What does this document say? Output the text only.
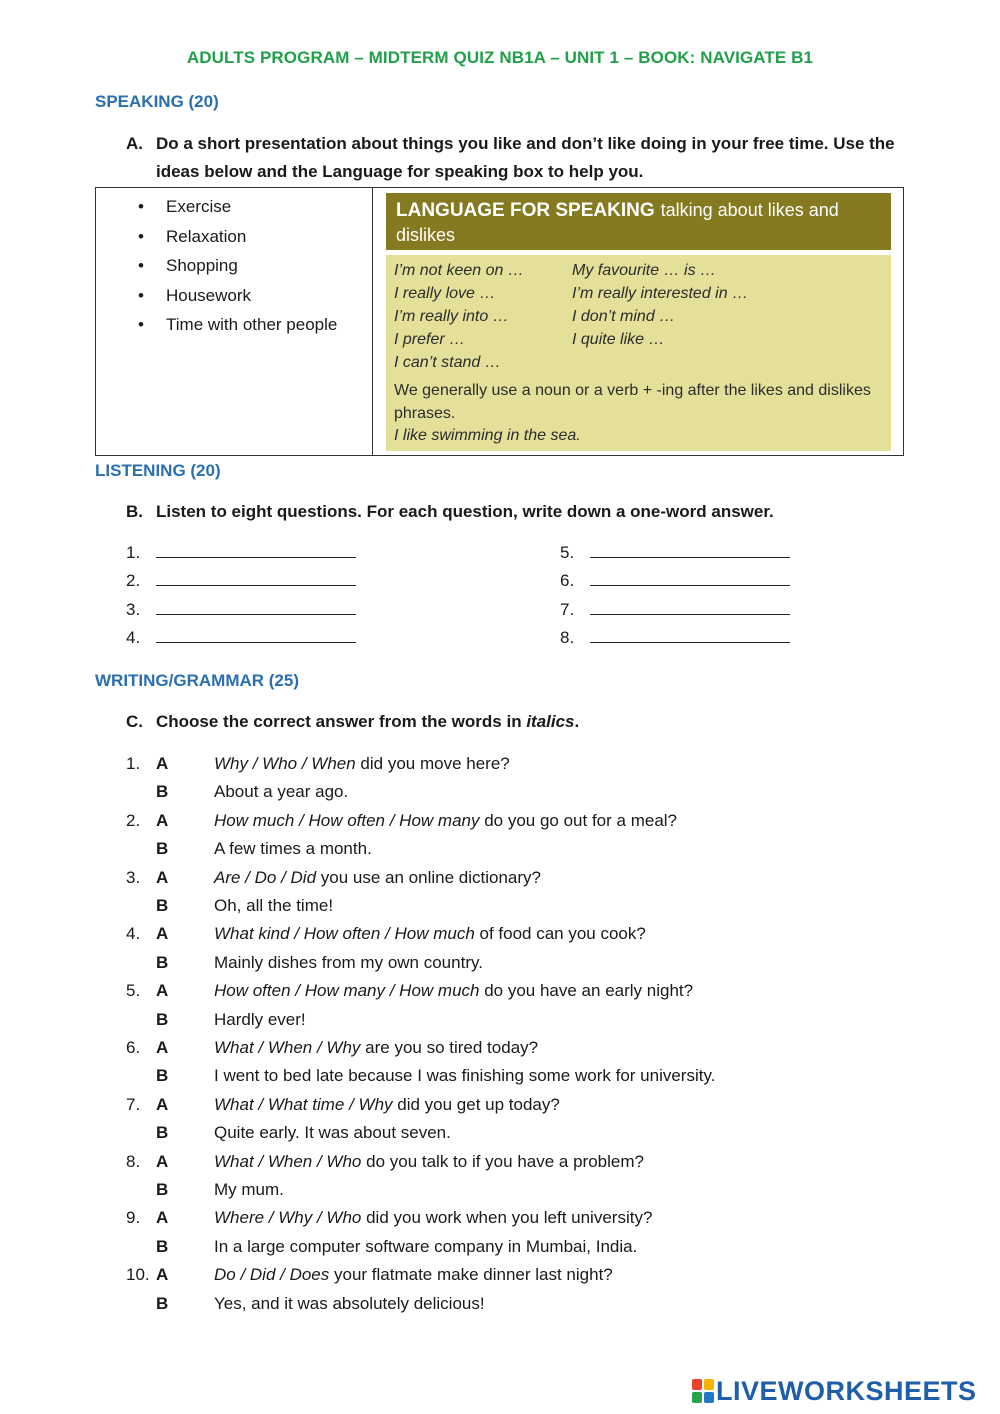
ADULTS PROGRAM – MIDTERM QUIZ NB1A – UNIT 1 – BOOK: NAVIGATE B1
SPEAKING (20)
A. Do a short presentation about things you like and don’t like doing in your free time. Use the ideas below and the Language for speaking box to help you.
• Exercise
• Relaxation
• Shopping
• Housework
• Time with other people
LANGUAGE FOR SPEAKING talking about likes and dislikes
I’m not keen on …	My favourite … is …
I really love …	I’m really interested in …
I’m really into …	I don’t mind …
I prefer …	I quite like …
I can’t stand …
We generally use a noun or a verb + -ing after the likes and dislikes phrases.
I like swimming in the sea.
LISTENING (20)
B. Listen to eight questions. For each question, write down a one-word answer.
1.
2.
3.
4.
5.
6.
7.
8.
WRITING/GRAMMAR (25)
C. Choose the correct answer from the words in italics.
1. A	Why / Who / When did you move here?
B	About a year ago.
2. A	How much / How often / How many do you go out for a meal?
B	A few times a month.
3. A	Are / Do / Did you use an online dictionary?
B	Oh, all the time!
4. A	What kind / How often / How much of food can you cook?
B	Mainly dishes from my own country.
5. A	How often / How many / How much do you have an early night?
B	Hardly ever!
6. A	What / When / Why are you so tired today?
B	I went to bed late because I was finishing some work for university.
7. A	What / What time / Why did you get up today?
B	Quite early. It was about seven.
8. A	What / When / Who do you talk to if you have a problem?
B	My mum.
9. A	Where / Why / Who did you work when you left university?
B	In a large computer software company in Mumbai, India.
10. A	Do / Did / Does your flatmate make dinner last night?
B	Yes, and it was absolutely delicious!
LIVEWORKSHEETS
